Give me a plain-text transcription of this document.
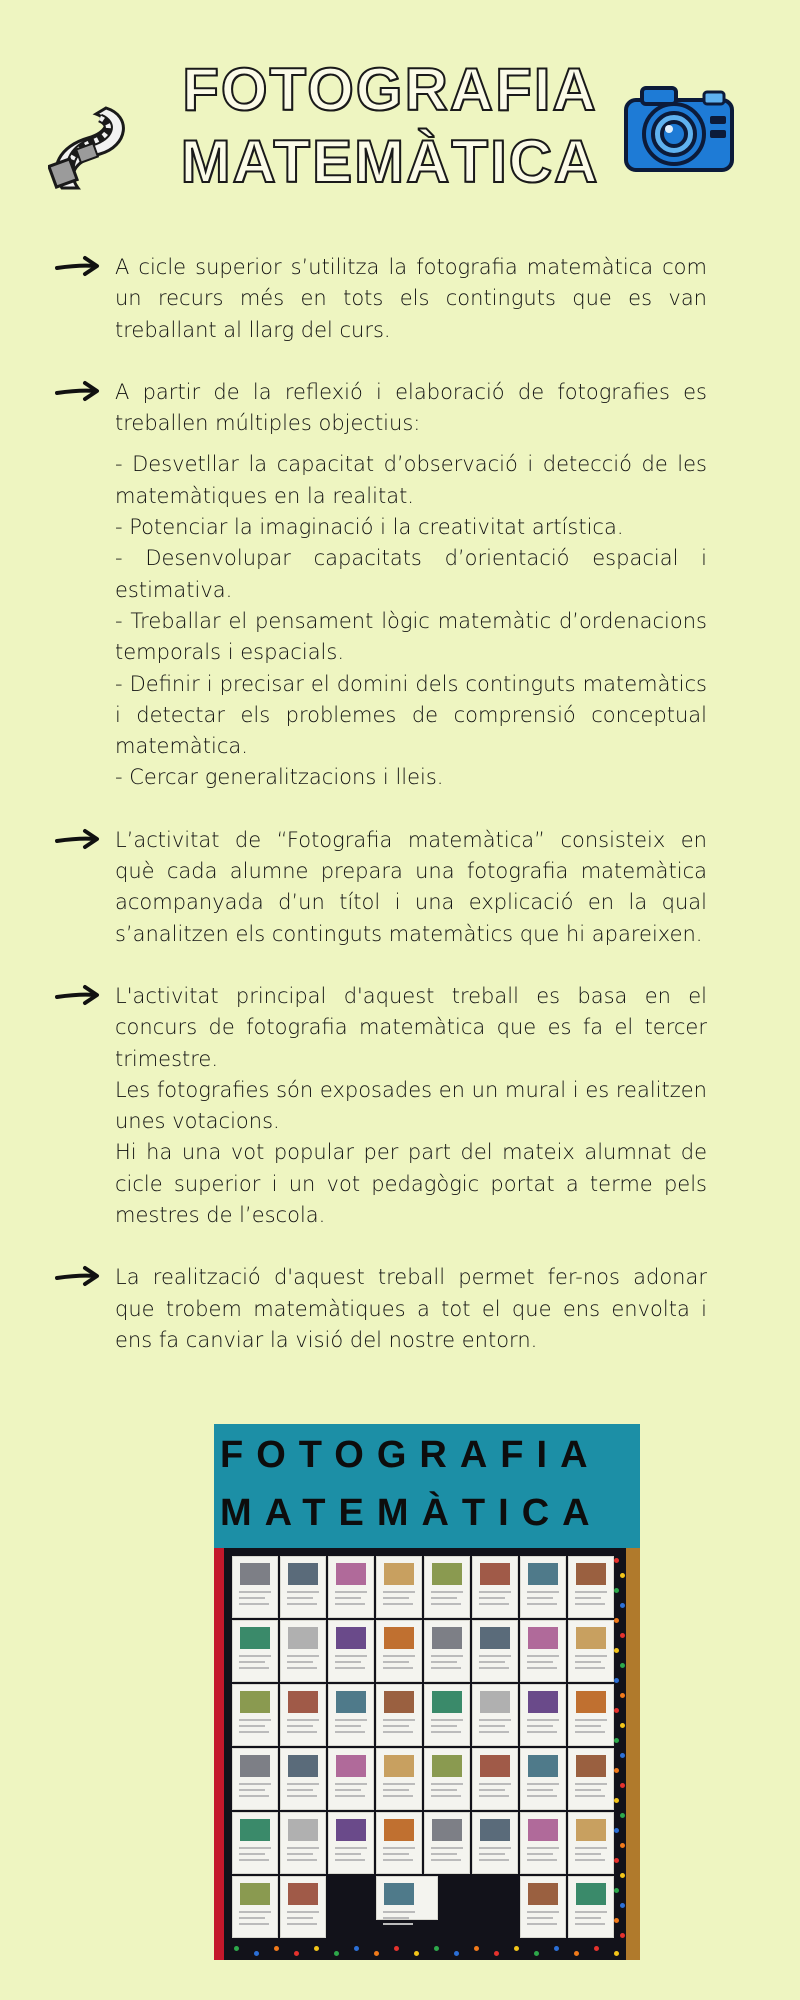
FOTOGRAFIA
MATEMÀTICA

A cicle superior s’utilitza la fotografia matemàtica com un recurs més en tots els continguts que es van treballant al llarg del curs.

A partir de la reflexió i elaboració de fotografies es treballen múltiples objectius:

- Desvetllar la capacitat d’observació i detecció de les matemàtiques en la realitat.

- Potenciar la imaginació i la creativitat artística.

- Desenvolupar capacitats d’orientació espacial i estimativa.

- Treballar el pensament lògic matemàtic d’ordenacions temporals i espacials.

- Definir i precisar el domini dels continguts matemàtics i detectar els problemes de comprensió conceptual matemàtica.

- Cercar generalitzacions i lleis.

L’activitat de “Fotografia matemàtica” consisteix en què cada alumne prepara una fotografia matemàtica acompanyada d’un títol i una explicació en la qual s’analitzen els continguts matemàtics que hi apareixen.

L'activitat principal d'aquest treball es basa en el concurs de fotografia matemàtica que es fa el tercer trimestre.

Les fotografies són exposades en un mural i es realitzen unes votacions.

Hi ha una vot popular per part del mateix alumnat de cicle superior i un vot pedagògic portat a terme pels mestres de l’escola.

La realització d'aquest treball permet fer-nos adonar que trobem matemàtiques a tot el que ens envolta i ens fa canviar la visió del nostre entorn.

FOTOGRAFIA
MATEMÀTICA
